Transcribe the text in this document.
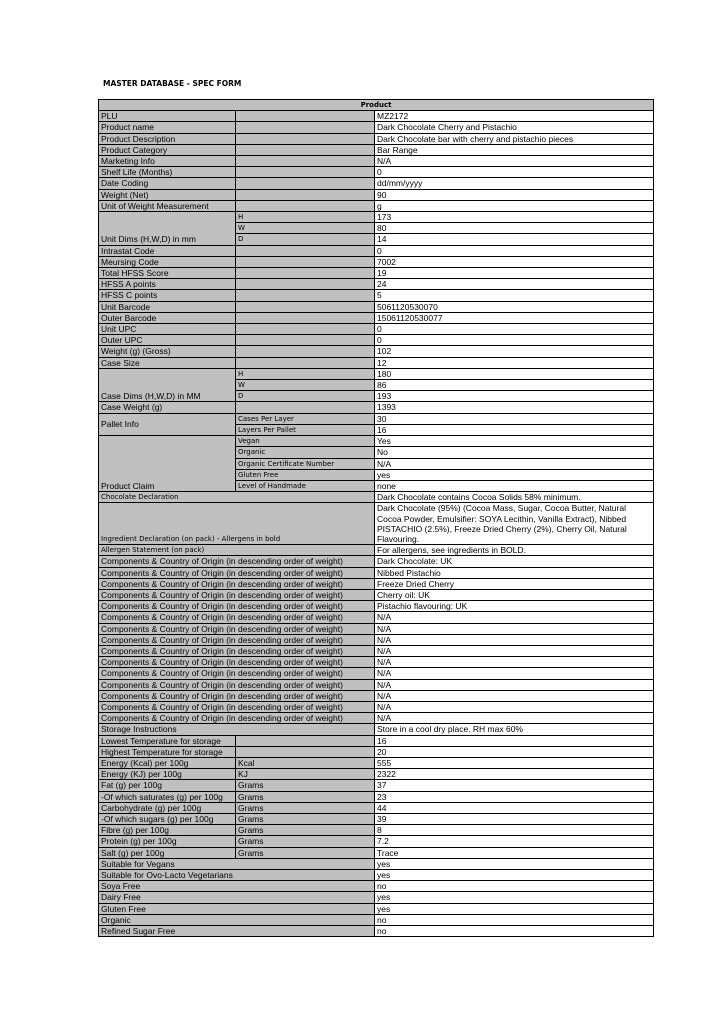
MASTER DATABASE - SPEC FORM
Product		
PLU		MZ2172
Product name		Dark Chocolate Cherry and Pistachio
Product Description		Dark Chocolate bar with cherry and pistachio pieces
Product Category		Bar Range
Marketing Info		N/A
Shelf Life (Months)		0
Date Coding		dd/mm/yyyy
Weight (Net)		90
Unit of Weight Measurement		g
Unit Dims (H,W,D) in mm	H	173
	W	80
	D	14
Intrastat Code		0
Meursing Code		7002
Total HFSS Score		19
HFSS A points		24
HFSS C points		5
Unit Barcode		5061120530070
Outer Barcode		15061120530077
Unit UPC		0
Outer UPC		0
Weight (g) (Gross)		102
Case Size		12
Case Dims (H,W,D) in MM	H	180
	W	86
	D	193
Case Weight (g)		1393
Pallet Info	Cases Per Layer	30
	Layers Per Pallet	16
Product Claim	Vegan	Yes
	Organic	No
	Organic Certificate Number	N/A
	Gluten Free	yes
	Level of Handmade	none
Chocolate Declaration		Dark Chocolate contains Cocoa Solids 58% minimum.
Ingredient Declaration (on pack) - Allergens in bold		Dark Chocolate (95%) (Cocoa Mass, Sugar, Cocoa Butter, Natural
Cocoa Powder, Emulsifier: SOYA Lecithin, Vanilla Extract), Nibbed
PISTACHIO (2.5%), Freeze Dried Cherry (2%), Cherry Oil, Natural
Flavouring.

Allergen Statement (on pack)		For allergens, see ingredients in BOLD.
Components & Country of Origin (in descending order of weight)		Dark Chocolate: UK
Components & Country of Origin (in descending order of weight)		Nibbed Pistachio
Components & Country of Origin (in descending order of weight)		Freeze Dried Cherry
Components & Country of Origin (in descending order of weight)		Cherry oil: UK
Components & Country of Origin (in descending order of weight)		Pistachio flavouring: UK
Components & Country of Origin (in descending order of weight)		N/A
Components & Country of Origin (in descending order of weight)		N/A
Components & Country of Origin (in descending order of weight)		N/A
Components & Country of Origin (in descending order of weight)		N/A
Components & Country of Origin (in descending order of weight)		N/A
Components & Country of Origin (in descending order of weight)		N/A
Components & Country of Origin (in descending order of weight)		N/A
Components & Country of Origin (in descending order of weight)		N/A
Components & Country of Origin (in descending order of weight)		N/A
Components & Country of Origin (in descending order of weight)		N/A
Storage Instructions		Store in a cool dry place. RH max 60%
Lowest Temperature for storage		16
Highest Temperature for storage		20
Energy (Kcal) per 100g	Kcal	555
Energy (KJ) per 100g	KJ	2322
Fat (g) per 100g	Grams	37
-Of which saturates (g) per 100g	Grams	23
Carbohydrate (g) per 100g	Grams	44
-Of which sugars (g) per 100g	Grams	39
Fibre (g) per 100g	Grams	8
Protein (g) per 100g	Grams	7.2
Salt (g) per 100g	Grams	Trace
Suitable for Vegans		yes
Suitable for Ovo-Lacto Vegetarians		yes
Soya Free		no
Dairy Free		yes
Gluten Free		yes
Organic		no
Refined Sugar Free		no
